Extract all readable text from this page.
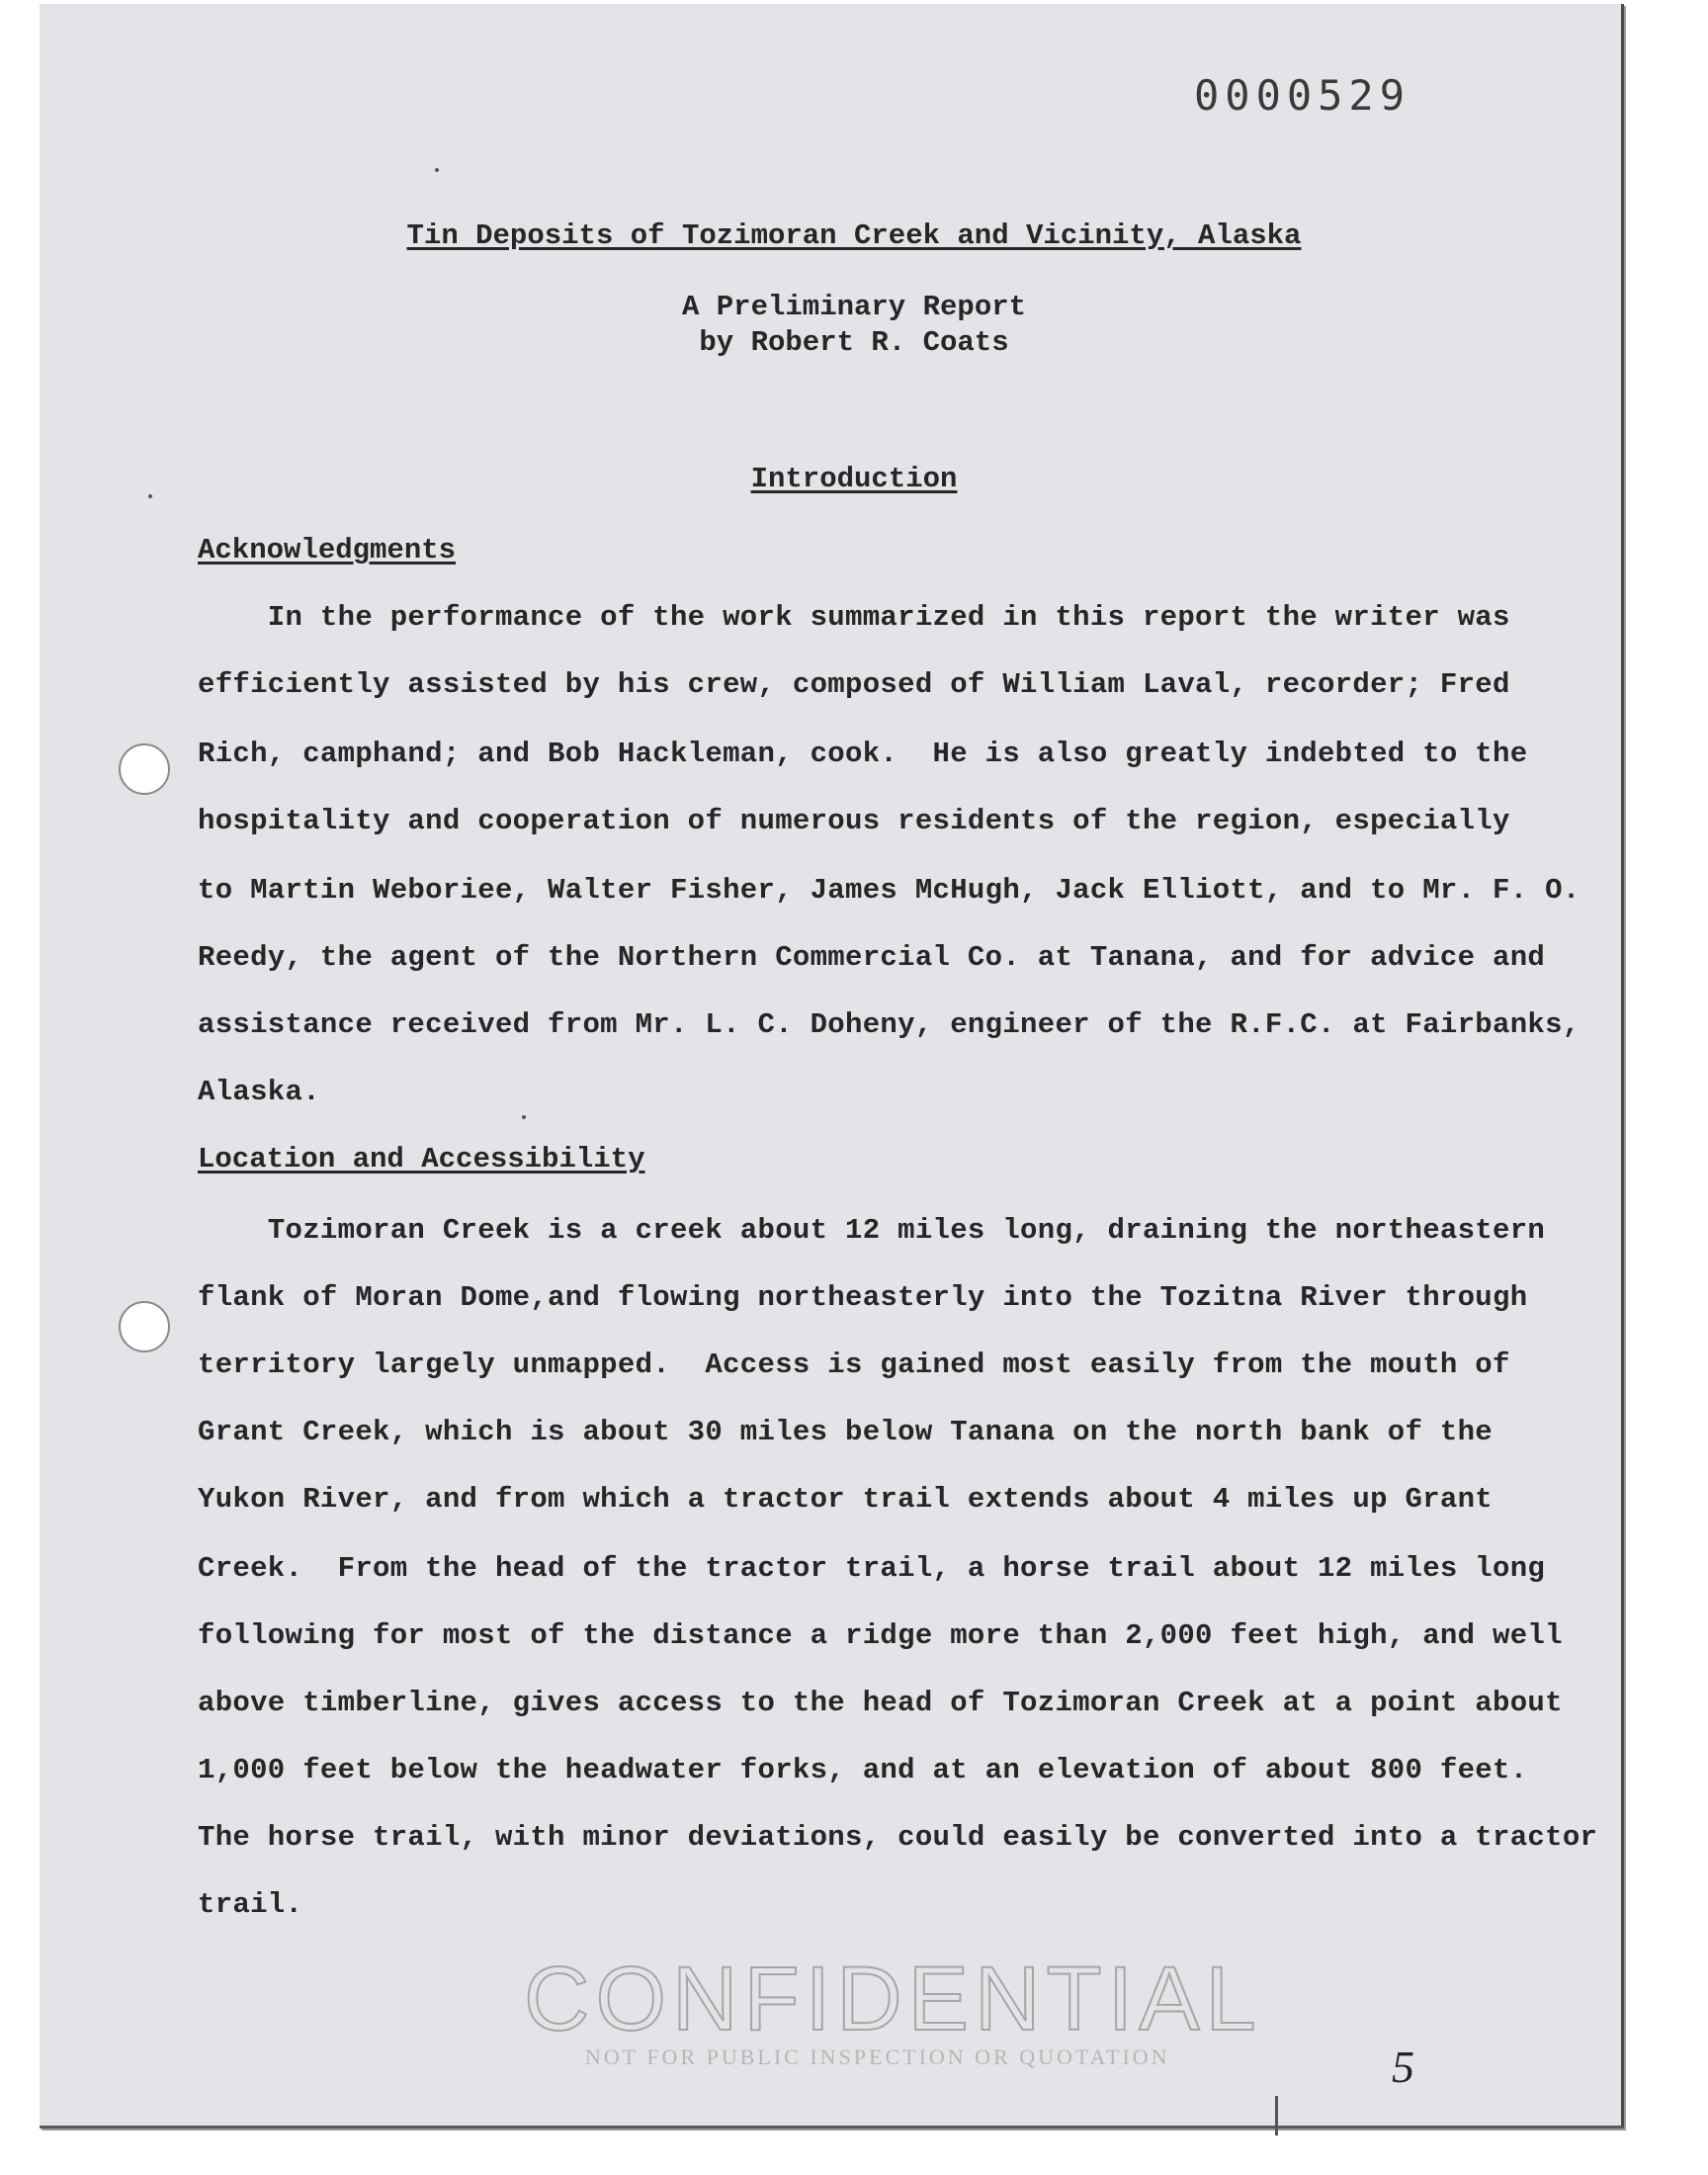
0000529
Tin Deposits of Tozimoran Creek and Vicinity, Alaska
A Preliminary Report
by Robert R. Coats
Introduction
Acknowledgments
In the performance of the work summarized in this report the writer was
efficiently assisted by his crew, composed of William Laval, recorder; Fred
Rich, camphand; and Bob Hackleman, cook.  He is also greatly indebted to the
hospitality and cooperation of numerous residents of the region, especially
to Martin Weboriee, Walter Fisher, James McHugh, Jack Elliott, and to Mr. F. O.
Reedy, the agent of the Northern Commercial Co. at Tanana, and for advice and
assistance received from Mr. L. C. Doheny, engineer of the R.F.C. at Fairbanks,
Alaska.
Location and Accessibility
Tozimoran Creek is a creek about 12 miles long, draining the northeastern
flank of Moran Dome,and flowing northeasterly into the Tozitna River through
territory largely unmapped.  Access is gained most easily from the mouth of
Grant Creek, which is about 30 miles below Tanana on the north bank of the
Yukon River, and from which a tractor trail extends about 4 miles up Grant
Creek.  From the head of the tractor trail, a horse trail about 12 miles long
following for most of the distance a ridge more than 2,000 feet high, and well
above timberline, gives access to the head of Tozimoran Creek at a point about
1,000 feet below the headwater forks, and at an elevation of about 800 feet.
The horse trail, with minor deviations, could easily be converted into a tractor
trail.
CONFIDENTIAL
NOT FOR PUBLIC INSPECTION OR QUOTATION	5
